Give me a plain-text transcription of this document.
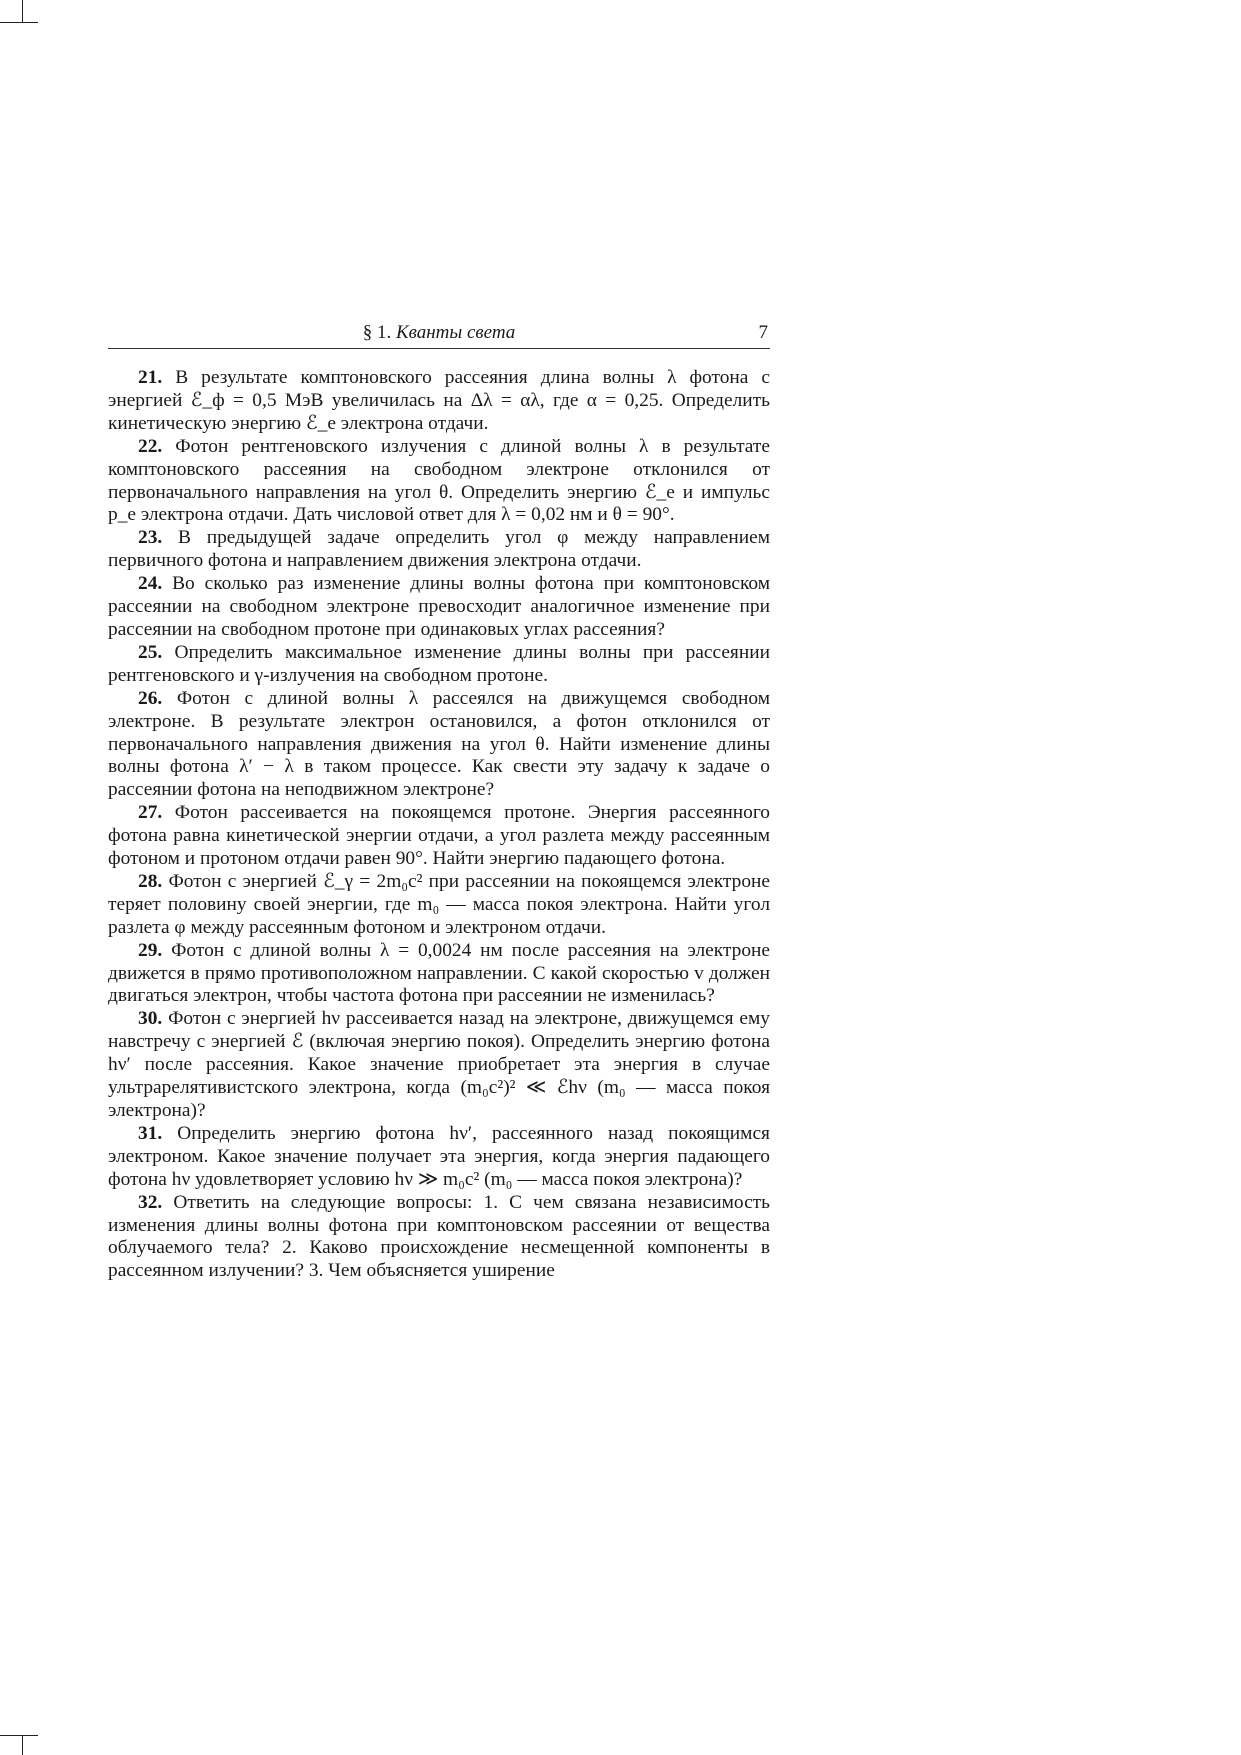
§ 1. Кванты света	7

21. В результате комптоновского рассеяния длина волны λ фотона с энергией ℰ_ф = 0,5 МэВ увеличилась на Δλ = αλ, где α = 0,25. Определить кинетическую энергию ℰ_e электрона отдачи.

22. Фотон рентгеновского излучения с длиной волны λ в результате комптоновского рассеяния на свободном электроне отклонился от первоначального направления на угол θ. Определить энергию ℰ_e и импульс p_e электрона отдачи. Дать числовой ответ для λ = 0,02 нм и θ = 90°.

23. В предыдущей задаче определить угол φ между направлением первичного фотона и направлением движения электрона отдачи.

24. Во сколько раз изменение длины волны фотона при комптоновском рассеянии на свободном электроне превосходит аналогичное изменение при рассеянии на свободном протоне при одинаковых углах рассеяния?

25. Определить максимальное изменение длины волны при рассеянии рентгеновского и γ-излучения на свободном протоне.

26. Фотон с длиной волны λ рассеялся на движущемся свободном электроне. В результате электрон остановился, а фотон отклонился от первоначального направления движения на угол θ. Найти изменение длины волны фотона λ′ − λ в таком процессе. Как свести эту задачу к задаче о рассеянии фотона на неподвижном электроне?

27. Фотон рассеивается на покоящемся протоне. Энергия рассеянного фотона равна кинетической энергии отдачи, а угол разлета между рассеянным фотоном и протоном отдачи равен 90°. Найти энергию падающего фотона.

28. Фотон с энергией ℰ_γ = 2m₀c² при рассеянии на покоящемся электроне теряет половину своей энергии, где m₀ — масса покоя электрона. Найти угол разлета φ между рассеянным фотоном и электроном отдачи.

29. Фотон с длиной волны λ = 0,0024 нм после рассеяния на электроне движется в прямо противоположном направлении. С какой скоростью v должен двигаться электрон, чтобы частота фотона при рассеянии не изменилась?

30. Фотон с энергией hν рассеивается назад на электроне, движущемся ему навстречу с энергией ℰ (включая энергию покоя). Определить энергию фотона hν′ после рассеяния. Какое значение приобретает эта энергия в случае ультрарелятивистского электрона, когда (m₀c²)² ≪ ℰhν (m₀ — масса покоя электрона)?

31. Определить энергию фотона hν′, рассеянного назад покоящимся электроном. Какое значение получает эта энергия, когда энергия падающего фотона hν удовлетворяет условию hν ≫ m₀c² (m₀ — масса покоя электрона)?

32. Ответить на следующие вопросы: 1. С чем связана независимость изменения длины волны фотона при комптоновском рассеянии от вещества облучаемого тела? 2. Каково происхождение несмещенной компоненты в рассеянном излучении? 3. Чем объясняется уширение
